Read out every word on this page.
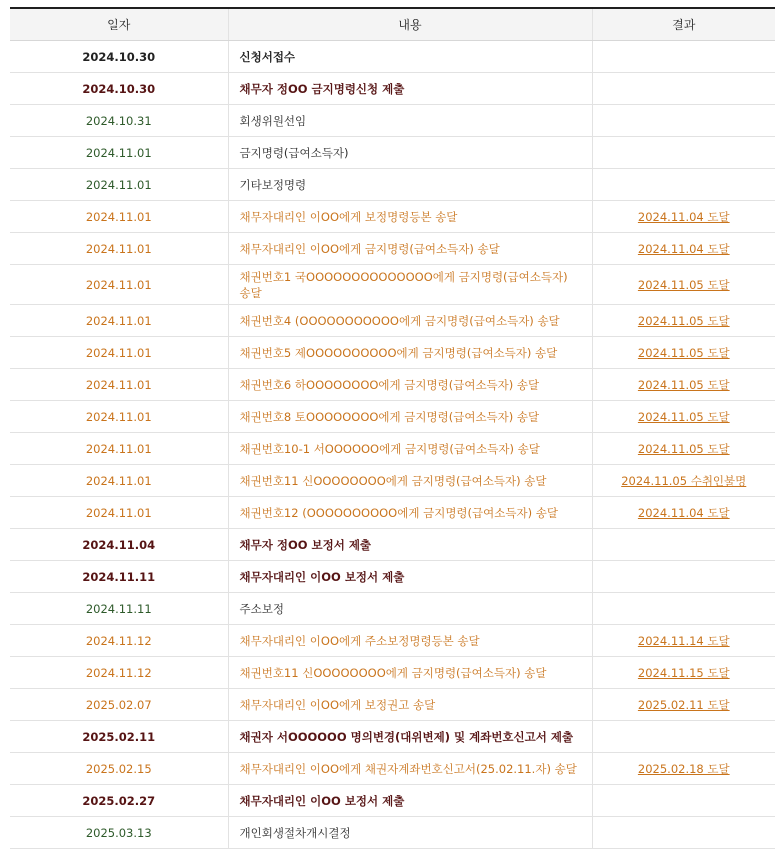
일자	내용	결과
2024.10.30	신청서접수	
2024.10.30	채무자 정OO 금지명령신청 제출	
2024.10.31	회생위원선임	
2024.11.01	금지명령(급여소득자)	
2024.11.01	기타보정명령	
2024.11.01	채무자대리인 이OO에게 보정명령등본 송달	2024.11.04 도달
2024.11.01	채무자대리인 이OO에게 금지명령(급여소득자) 송달	2024.11.04 도달
2024.11.01	채권번호1 국OOOOOOOOOOOOOO에게 금지명령(급여소득자) 송달	2024.11.05 도달
2024.11.01	채권번호4 (OOOOOOOOOOO에게 금지명령(급여소득자) 송달	2024.11.05 도달
2024.11.01	채권번호5 제OOOOOOOOOO에게 금지명령(급여소득자) 송달	2024.11.05 도달
2024.11.01	채권번호6 하OOOOOOOO에게 금지명령(급여소득자) 송달	2024.11.05 도달
2024.11.01	채권번호8 토OOOOOOOO에게 금지명령(급여소득자) 송달	2024.11.05 도달
2024.11.01	채권번호10-1 서OOOOOO에게 금지명령(급여소득자) 송달	2024.11.05 도달
2024.11.01	채권번호11 신OOOOOOOO에게 금지명령(급여소득자) 송달	2024.11.05 수취인불명
2024.11.01	채권번호12 (OOOOOOOOOO에게 금지명령(급여소득자) 송달	2024.11.04 도달
2024.11.04	채무자 정OO 보정서 제출	
2024.11.11	채무자대리인 이OO 보정서 제출	
2024.11.11	주소보정	
2024.11.12	채무자대리인 이OO에게 주소보정명령등본 송달	2024.11.14 도달
2024.11.12	채권번호11 신OOOOOOOO에게 금지명령(급여소득자) 송달	2024.11.15 도달
2025.02.07	채무자대리인 이OO에게 보정권고 송달	2025.02.11 도달
2025.02.11	채권자 서OOOOOO 명의변경(대위변제) 및 계좌번호신고서 제출	
2025.02.15	채무자대리인 이OO에게 채권자계좌번호신고서(25.02.11.자) 송달	2025.02.18 도달
2025.02.27	채무자대리인 이OO 보정서 제출	
2025.03.13	개인회생절차개시결정	
